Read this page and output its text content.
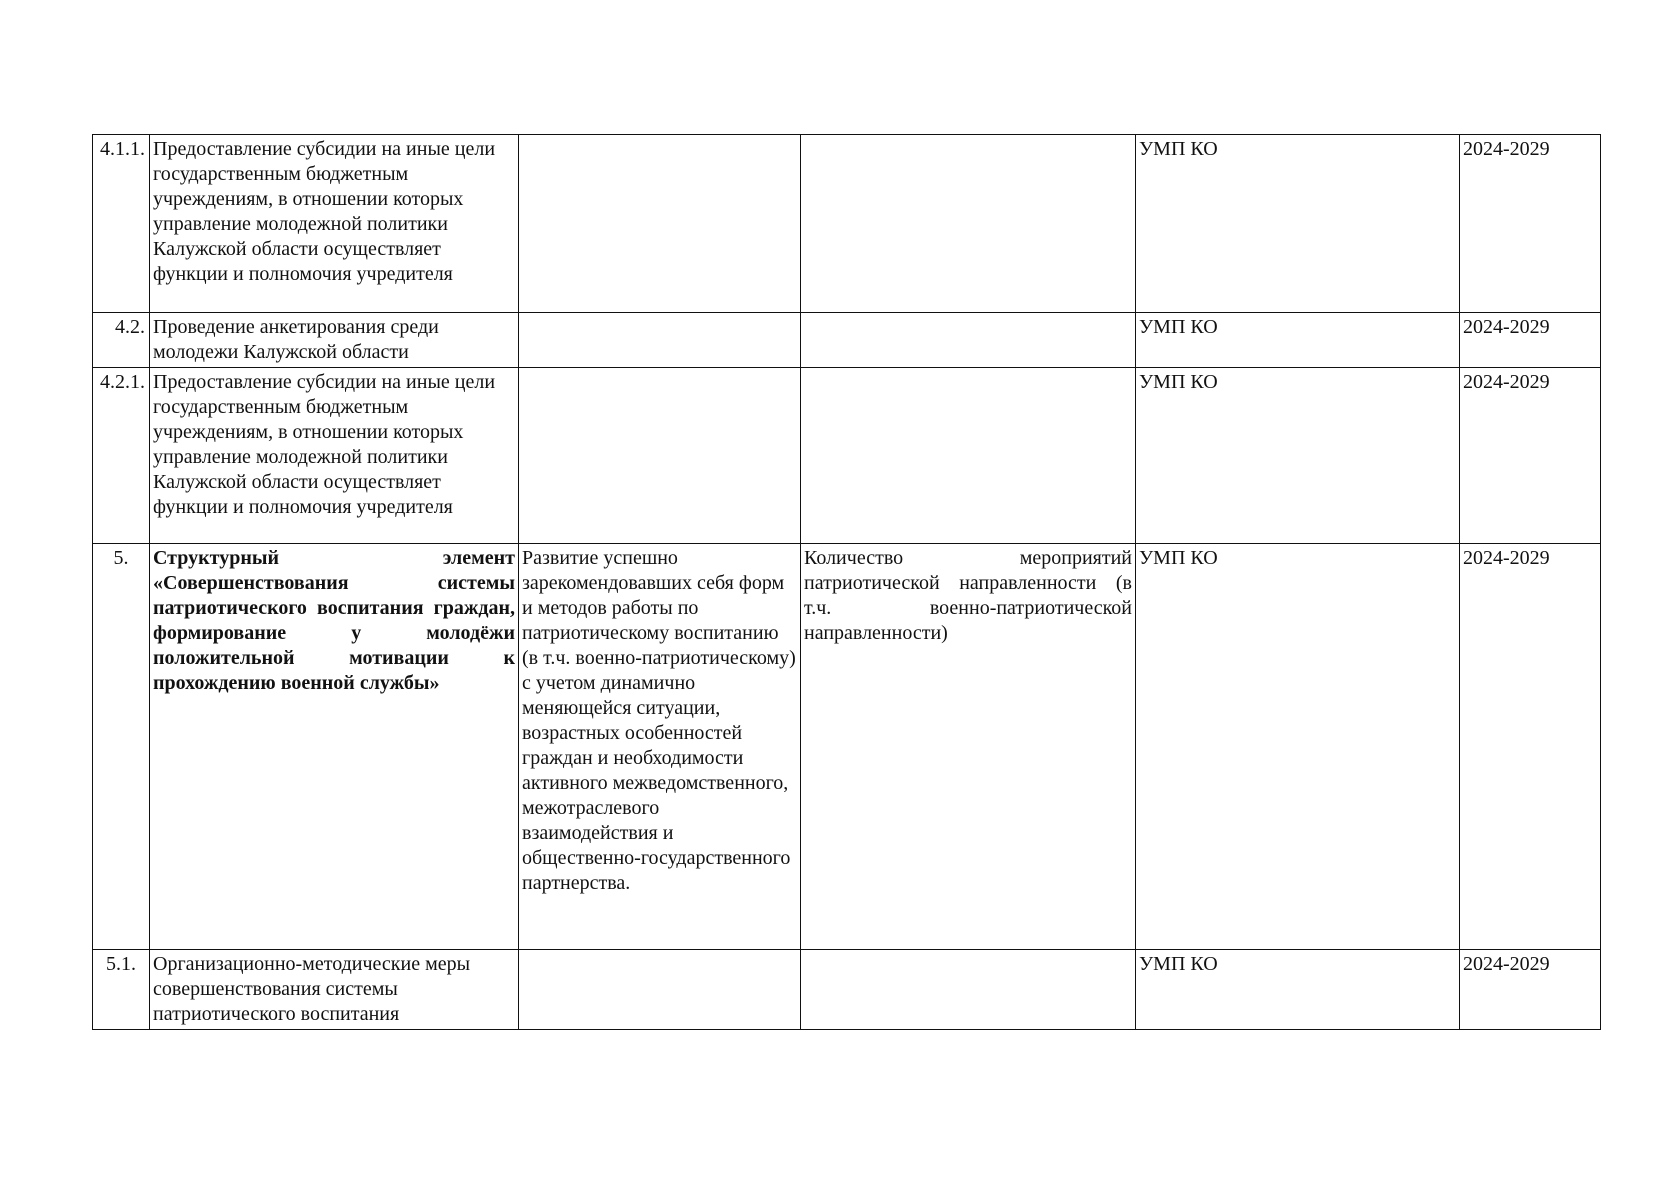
4.1.1.	Предоставление субсидии на иные цели государственным бюджетным учреждениям, в отношении которых управление молодежной политики Калужской области осуществляет функции и полномочия учредителя			УМП КО	2024-2029
4.2.	Проведение анкетирования среди молодежи Калужской области			УМП КО	2024-2029
4.2.1.	Предоставление субсидии на иные цели государственным бюджетным учреждениям, в отношении которых управление молодежной политики Калужской области осуществляет функции и полномочия учредителя			УМП КО	2024-2029
5.	Структурный элемент «Совершенствования системы патриотического воспитания граждан, формирование у молодёжи положительной мотивации к прохождению военной службы»	Развитие успешно зарекомендовавших себя форм и методов работы по патриотическому воспитанию (в т.ч. военно-патриотическому) с учетом динамично меняющейся ситуации, возрастных особенностей граждан и необходимости активного межведомственного, межотраслевого взаимодействия и общественно-государственного партнерства.	Количество мероприятий патриотической направленности (в т.ч. военно-патриотической направленности)	УМП КО	2024-2029
5.1.	Организационно-методические меры совершенствования системы патриотического воспитания			УМП КО	2024-2029
